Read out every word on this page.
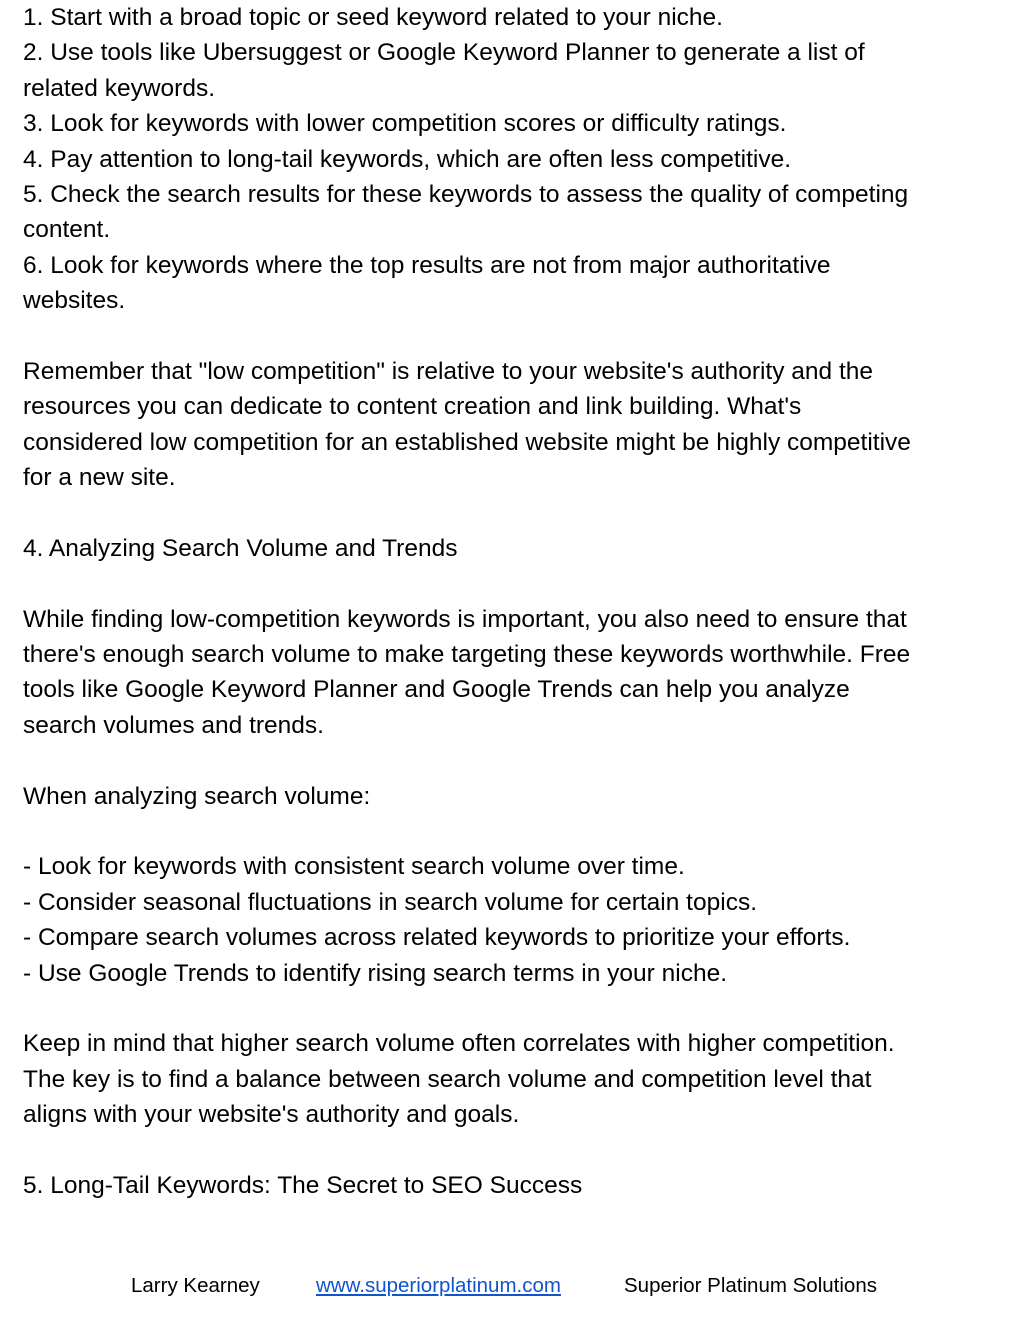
1. Start with a broad topic or seed keyword related to your niche.
2. Use tools like Ubersuggest or Google Keyword Planner to generate a list of
related keywords.
3. Look for keywords with lower competition scores or difficulty ratings.
4. Pay attention to long-tail keywords, which are often less competitive.
5. Check the search results for these keywords to assess the quality of competing
content.
6. Look for keywords where the top results are not from major authoritative
websites.
Remember that "low competition" is relative to your website's authority and the
resources you can dedicate to content creation and link building. What's
considered low competition for an established website might be highly competitive
for a new site.
4. Analyzing Search Volume and Trends
While finding low-competition keywords is important, you also need to ensure that
there's enough search volume to make targeting these keywords worthwhile. Free
tools like Google Keyword Planner and Google Trends can help you analyze
search volumes and trends.
When analyzing search volume:
- Look for keywords with consistent search volume over time.
- Consider seasonal fluctuations in search volume for certain topics.
- Compare search volumes across related keywords to prioritize your efforts.
- Use Google Trends to identify rising search terms in your niche.
Keep in mind that higher search volume often correlates with higher competition.
The key is to find a balance between search volume and competition level that
aligns with your website's authority and goals.
5. Long-Tail Keywords: The Secret to SEO Success
Larry Kearney	www.superiorplatinum.com	Superior Platinum Solutions
